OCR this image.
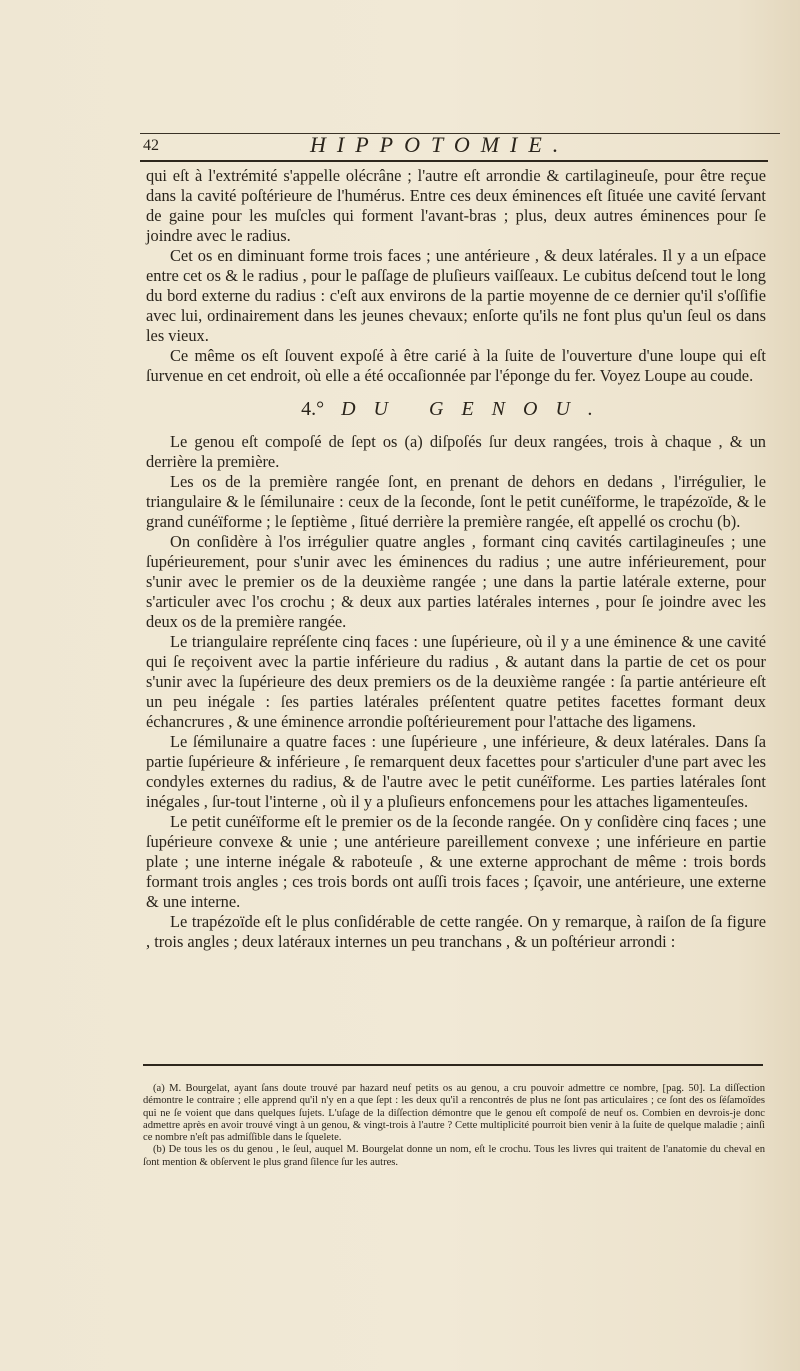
42	HIPPOTOMIE.

qui eſt à l'extrémité s'appelle olécrâne ; l'autre eſt arrondie & cartilagineuſe, pour être reçue dans la cavité poſtérieure de l'humérus. Entre ces deux éminences eſt ſituée une cavité ſervant de gaine pour les muſcles qui forment l'avant-bras ; plus, deux autres éminences pour ſe joindre avec le radius.

Cet os en diminuant forme trois faces ; une antérieure , & deux latérales. Il y a un eſpace entre cet os & le radius , pour le paſſage de pluſieurs vaiſſeaux. Le cubitus deſcend tout le long du bord externe du radius : c'eſt aux environs de la partie moyenne de ce dernier qu'il s'oſſifie avec lui, ordinairement dans les jeunes chevaux; enſorte qu'ils ne font plus qu'un ſeul os dans les vieux.

Ce même os eſt ſouvent expoſé à être carié à la ſuite de l'ouverture d'une loupe qui eſt ſurvenue en cet endroit, où elle a été occaſionnée par l'éponge du fer. Voyez Loupe au coude.

4.° DU GENOU.

Le genou eſt compoſé de ſept os (a) diſpoſés ſur deux rangées, trois à chaque , & un derrière la première.

Les os de la première rangée ſont, en prenant de dehors en dedans , l'irrégulier, le triangulaire & le ſémilunaire : ceux de la ſeconde, ſont le petit cunéïforme, le trapézoïde, & le grand cunéïforme ; le ſeptième , ſitué derrière la première rangée, eſt appellé os crochu (b).

On conſidère à l'os irrégulier quatre angles , formant cinq cavités cartilagineuſes ; une ſupérieurement, pour s'unir avec les éminences du radius ; une autre inférieurement, pour s'unir avec le premier os de la deuxième rangée ; une dans la partie latérale externe, pour s'articuler avec l'os crochu ; & deux aux parties latérales internes , pour ſe joindre avec les deux os de la première rangée.

Le triangulaire repréſente cinq faces : une ſupérieure, où il y a une éminence & une cavité qui ſe reçoivent avec la partie inférieure du radius , & autant dans la partie de cet os pour s'unir avec la ſupérieure des deux premiers os de la deuxième rangée : ſa partie antérieure eſt un peu inégale : ſes parties latérales préſentent quatre petites facettes formant deux échancrures , & une éminence arrondie poſtérieurement pour l'attache des ligamens.

Le ſémilunaire a quatre faces : une ſupérieure , une inférieure, & deux latérales. Dans ſa partie ſupérieure & inférieure , ſe remarquent deux facettes pour s'articuler d'une part avec les condyles externes du radius, & de l'autre avec le petit cunéïforme. Les parties latérales ſont inégales , ſur-tout l'interne , où il y a pluſieurs enfoncemens pour les attaches ligamenteuſes.

Le petit cunéïforme eſt le premier os de la ſeconde rangée. On y conſidère cinq faces ; une ſupérieure convexe & unie ; une antérieure pareillement convexe ; une inférieure en partie plate ; une interne inégale & raboteuſe , & une externe approchant de même : trois bords formant trois angles ; ces trois bords ont auſſi trois faces ; ſçavoir, une antérieure, une externe & une interne.

Le trapézoïde eſt le plus conſidérable de cette rangée. On y remarque, à raiſon de ſa figure , trois angles ; deux latéraux internes un peu tranchans , & un poſtérieur arrondi :

(a) M. Bourgelat, ayant ſans doute trouvé par hazard neuf petits os au genou, a cru pouvoir admettre ce nombre, [pag. 50]. La diſſection démontre le contraire ; elle apprend qu'il n'y en a que ſept : les deux qu'il a rencontrés de plus ne ſont pas articulaires ; ce ſont des os ſéſamoïdes qui ne ſe voient que dans quelques ſujets. L'uſage de la diſſection démontre que le genou eſt compoſé de neuf os. Combien en devrois-je donc admettre après en avoir trouvé vingt à un genou, & vingt-trois à l'autre ? Cette multiplicité pourroit bien venir à la ſuite de quelque maladie ; ainſi ce nombre n'eſt pas admiſſible dans le ſquelete.

(b) De tous les os du genou , le ſeul, auquel M. Bourgelat donne un nom, eſt le crochu. Tous les livres qui traitent de l'anatomie du cheval en ſont mention & obſervent le plus grand ſilence ſur les autres.
